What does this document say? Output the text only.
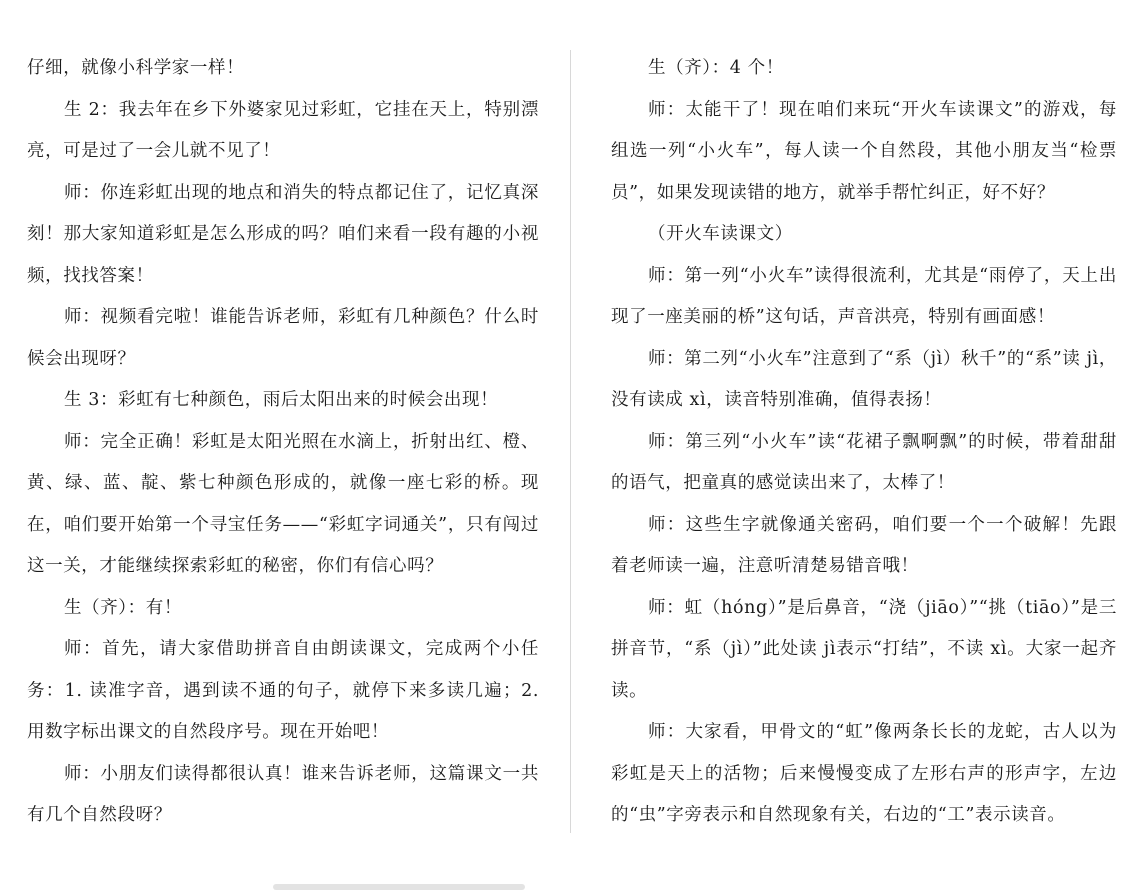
仔细，就像小科学家一样！

生 2：我去年在乡下外婆家见过彩虹，它挂在天上，特别漂亮，可是过了一会儿就不见了！

师：你连彩虹出现的地点和消失的特点都记住了，记忆真深刻！那大家知道彩虹是怎么形成的吗？咱们来看一段有趣的小视频，找找答案！

师：视频看完啦！谁能告诉老师，彩虹有几种颜色？什么时候会出现呀？

生 3：彩虹有七种颜色，雨后太阳出来的时候会出现！

师：完全正确！彩虹是太阳光照在水滴上，折射出红、橙、黄、绿、蓝、靛、紫七种颜色形成的，就像一座七彩的桥。现在，咱们要开始第一个寻宝任务——“彩虹字词通关”，只有闯过这一关，才能继续探索彩虹的秘密，你们有信心吗？

生（齐）：有！

师：首先，请大家借助拼音自由朗读课文，完成两个小任务：1. 读准字音，遇到读不通的句子，就停下来多读几遍；2. 用数字标出课文的自然段序号。现在开始吧！

师：小朋友们读得都很认真！谁来告诉老师，这篇课文一共有几个自然段呀？

生（齐）：4 个！

师：太能干了！现在咱们来玩“开火车读课文”的游戏，每组选一列“小火车”，每人读一个自然段，其他小朋友当“检票员”，如果发现读错的地方，就举手帮忙纠正，好不好？

（开火车读课文）

师：第一列“小火车”读得很流利，尤其是“雨停了，天上出现了一座美丽的桥”这句话，声音洪亮，特别有画面感！

师：第二列“小火车”注意到了“系（jì）秋千”的“系”读 jì，没有读成 xì，读音特别准确，值得表扬！

师：第三列“小火车”读“花裙子飘啊飘”的时候，带着甜甜的语气，把童真的感觉读出来了，太棒了！

师：这些生字就像通关密码，咱们要一个一个破解！先跟着老师读一遍，注意听清楚易错音哦！

师：虹（hóng）”是后鼻音，“浇（jiāo）”“挑（tiāo）”是三拼音节，“系（jì）”此处读 jì表示“打结”，不读 xì。大家一起齐读。

师：大家看，甲骨文的“虹”像两条长长的龙蛇，古人以为彩虹是天上的活物；后来慢慢变成了左形右声的形声字，左边的“虫”字旁表示和自然现象有关，右边的“工”表示读音。
